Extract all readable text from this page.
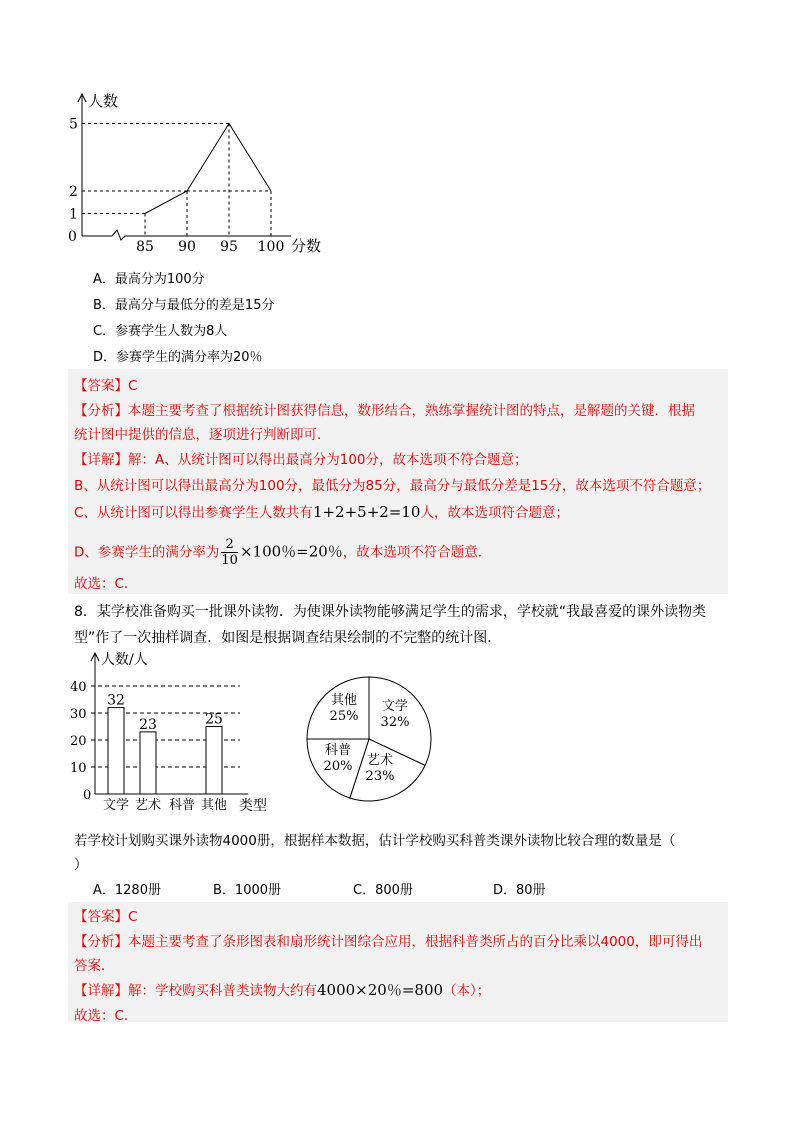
人数
分数
0
1
2
5
85 90 95 100
A．最高分为100分
B．最高分与最低分的差是15分
C．参赛学生人数为8人
D．参赛学生的满分率为20％
【答案】C
【分析】本题主要考查了根据统计图获得信息，数形结合，熟练掌握统计图的特点，是解题的关键．根据
统计图中提供的信息，逐项进行判断即可．
【详解】解：A、从统计图可以得出最高分为100分，故本选项不符合题意；
B、从统计图可以得出最高分为100分，最低分为85分，最高分与最低分差是15分，故本选项不符合题意；
C、从统计图可以得出参赛学生人数共有1+2+5+2=10人，故本选项符合题意；
D、参赛学生的满分率为 $\frac{2}{10} \times 100$％=20％，故本选项不符合题意．
故选：C．
8．某学校准备购买一批课外读物．为使课外读物能够满足学生的需求，学校就“我最喜爱的课外读物类
型”作了一次抽样调查．如图是根据调查结果绘制的不完整的统计图．
人数/人
类型
0
10
20
30
40
32
文学
23
艺术 科普
25
其他
文学
32%
艺术
23%
科普
20%
其他
25%
若学校计划购买课外读物4000册，根据样本数据，估计学校购买科普类课外读物比较合理的数量是（
）
A．1280册	B．1000册	C．800册	D．80册
【答案】C
【分析】本题主要考查了条形图表和扇形统计图综合应用，根据科普类所占的百分比乘以4000，即可得出
答案．
【详解】解：学校购买科普类读物大约有4000×20％=800（本）；
故选：C．
